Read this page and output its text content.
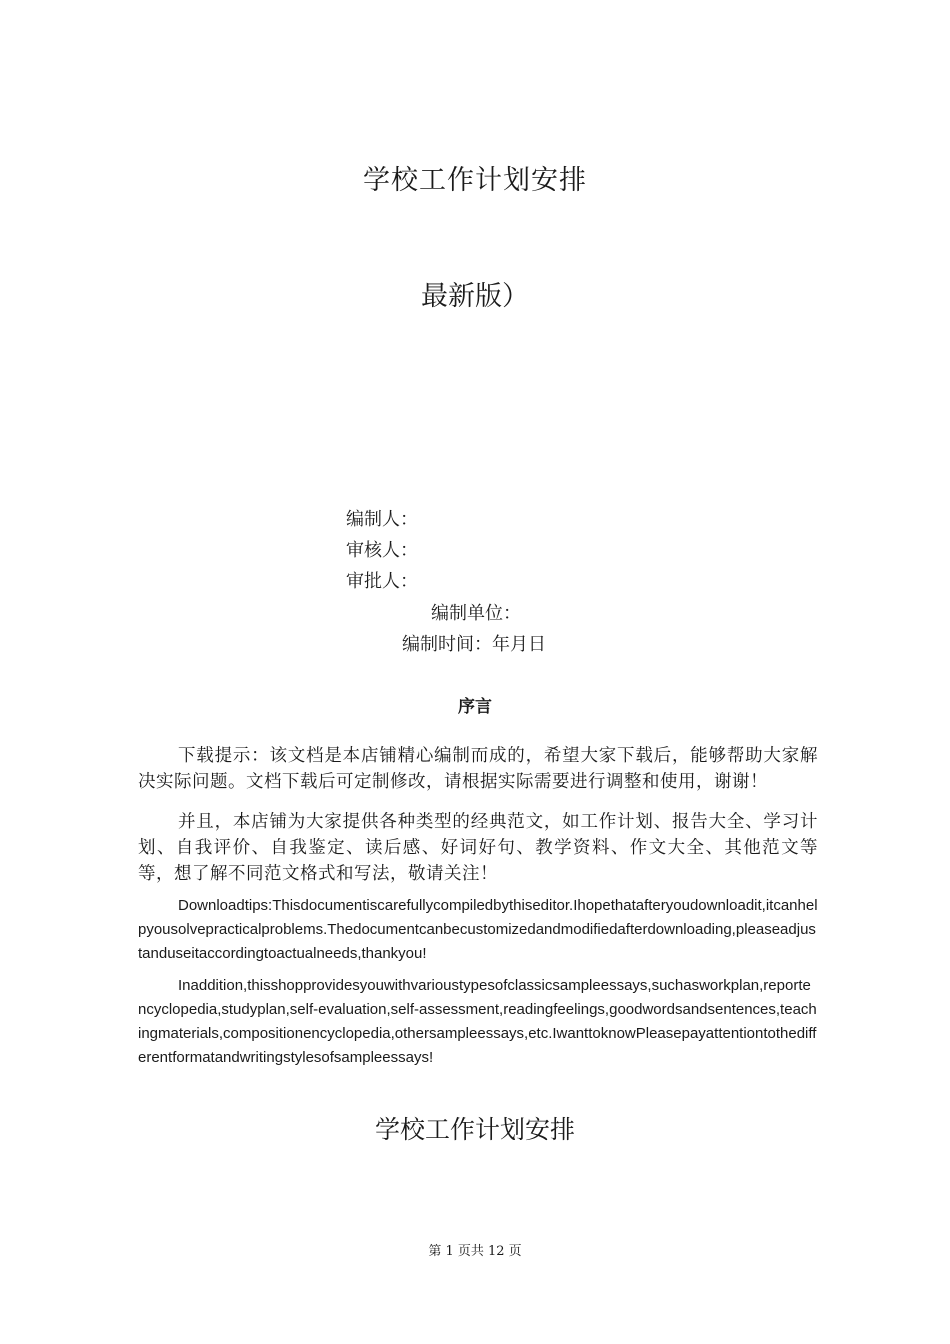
学校工作计划安排
最新版）
编制人：
审核人：
审批人：
编制单位：
编制时间：年月日
序言

下载提示：该文档是本店铺精心编制而成的，希望大家下载后，能够帮助大家解决实际问题。文档下载后可定制修改，请根据实际需要进行调整和使用，谢谢！

并且，本店铺为大家提供各种类型的经典范文，如工作计划、报告大全、学习计划、自我评价、自我鉴定、读后感、好词好句、教学资料、作文大全、其他范文等等，想了解不同范文格式和写法，敬请关注！

Downloadtips:Thisdocumentiscarefullycompiledbythiseditor.Ihopethatafteryoudownloadit,itcanhelpyousolvepracticalproblems.Thedocumentcanbecustomizedandmodifiedafterdownloading,pleaseadjustanduseitaccordingtoactualneeds,thankyou!

Inaddition,thisshopprovidesyouwithvarioustypesofclassicsampleessays,suchasworkplan,reportencyclopedia,studyplan,self-evaluation,self-assessment,readingfeelings,goodwordsandsentences,teachingmaterials,compositionencyclopedia,othersampleessays,etc.IwanttoknowPleasepayattentiontothedifferentformatandwritingstylesofsampleessays!

学校工作计划安排
第 1 页共 12 页
